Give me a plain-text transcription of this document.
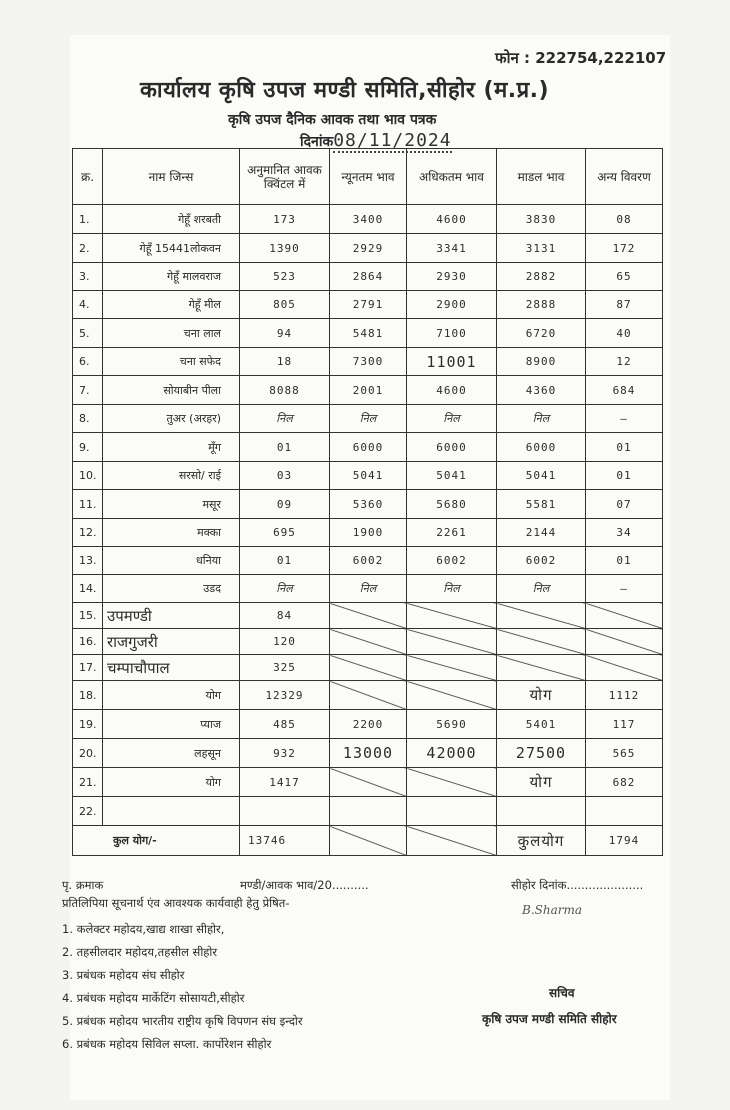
फोन : 222754,222107
कार्यालय कृषि उपज मण्डी समिति,सीहोर (म.प्र.)
कृषि उपज दैनिक आवक तथा भाव पत्रक
दिनांक08/11/2024
क्र.	नाम जिन्स	अनुमानित आवक क्विंटल में	न्यूनतम भाव	अधिकतम भाव	माडल भाव	अन्य विवरण
1.	गेहूँ शरबती	173	3400	4600	3830	08
2.	गेहूँ 15441लोकवन	1390	2929	3341	3131	172
3.	गेहूँ मालवराज	523	2864	2930	2882	65
4.	गेहूँ मील	805	2791	2900	2888	87
5.	चना लाल	94	5481	7100	6720	40
6.	चना सफेद	18	7300	11001	8900	12
7.	सोयाबीन पीला	8088	2001	4600	4360	684
8.	तुअर (अरहर)	निल	निल	निल	निल	—
9.	मूँग	01	6000	6000	6000	01
10.	सरसो/ राई	03	5041	5041	5041	01
11.	मसूर	09	5360	5680	5581	07
12.	मक्का	695	1900	2261	2144	34
13.	धनिया	01	6002	6002	6002	01
14.	उडद	निल	निल	निल	निल	—
15.	उपमण्डी	84				
16.	राजगुजरी	120				
17.	चम्पाचौपाल	325				
18.	योग	12329			योग	1112
19.	प्याज	485	2200	5690	5401	117
20.	लहसून	932	13000	42000	27500	565
21.	योग	1417			योग	682
22.						
कुल योग/-		13746			कुलयोग	1794
पृ. क्रमाक	मण्डी/आवक भाव/20..........	सीहोर दिनांक.....................
प्रतिलिपिया सूचनार्थ एंव आवश्यक कार्यवाही हेतु प्रेषित-	B.Sharma
1. कलेक्टर महोदय,खाद्य शाखा सीहोर,
2. तहसीलदार महोदय,तहसील सीहोर
3. प्रबंधक महोदय संघ सीहोर
4. प्रबंधक महोदय मार्केटिंग सोसायटी,सीहोर
5. प्रबंधक महोदय भारतीय राष्ट्रीय कृषि विपणन संघ इन्दोर
6. प्रबंधक महोदय सिविल सप्ला. कार्पोरेशन सीहोर
सचिव
कृषि उपज मण्डी समिति सीहोर
